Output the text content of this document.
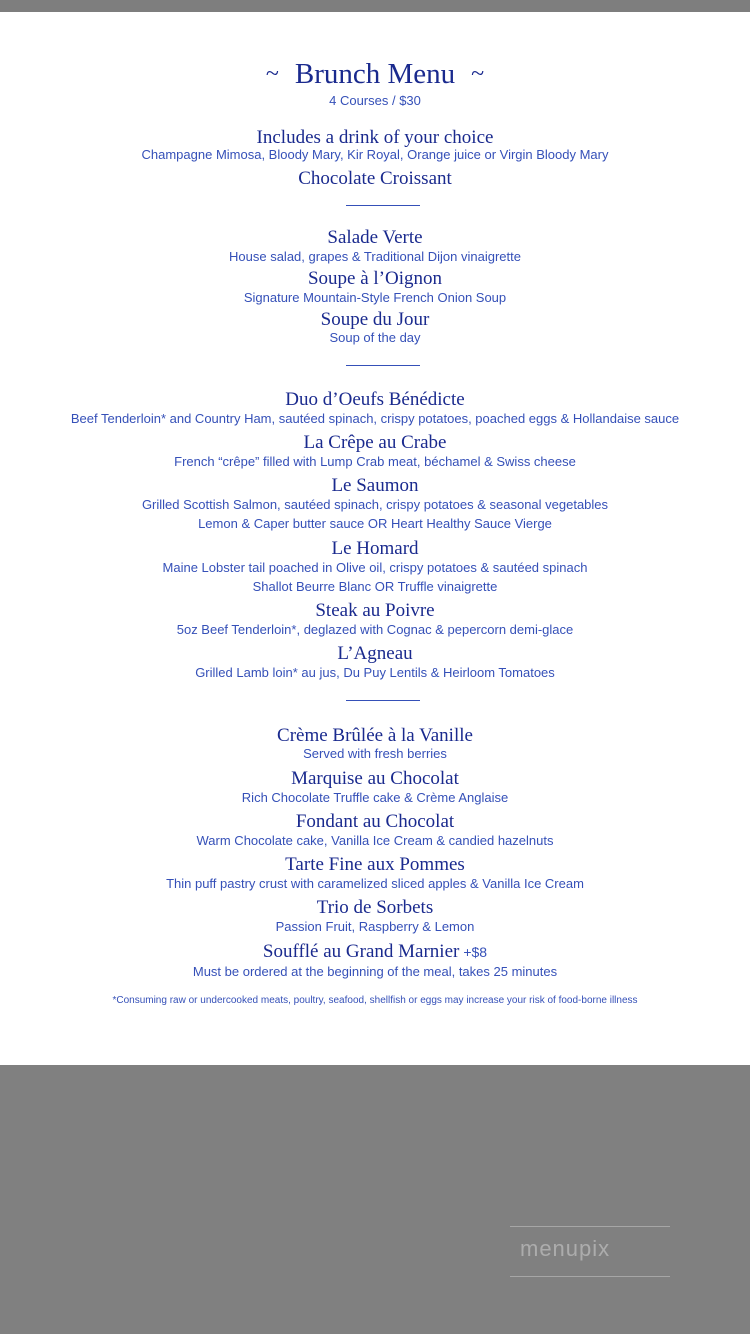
~ Brunch Menu ~
4 Courses / $30
Includes a drink of your choice
Champagne Mimosa, Bloody Mary, Kir Royal, Orange juice or Virgin Bloody Mary
Chocolate Croissant
Salade Verte
House salad, grapes & Traditional Dijon vinaigrette
Soupe à l’Oignon
Signature Mountain-Style French Onion Soup
Soupe du Jour
Soup of the day
Duo d’Oeufs Bénédicte
Beef Tenderloin* and Country Ham, sautéed spinach, crispy potatoes, poached eggs & Hollandaise sauce
La Crêpe au Crabe
French “crêpe” filled with Lump Crab meat, béchamel & Swiss cheese
Le Saumon
Grilled Scottish Salmon, sautéed spinach, crispy potatoes & seasonal vegetables
Lemon & Caper butter sauce OR Heart Healthy Sauce Vierge
Le Homard
Maine Lobster tail poached in Olive oil, crispy potatoes & sautéed spinach
Shallot Beurre Blanc OR Truffle vinaigrette
Steak au Poivre
5oz Beef Tenderloin*, deglazed with Cognac & pepercorn demi-glace
L’Agneau
Grilled Lamb loin* au jus, Du Puy Lentils & Heirloom Tomatoes
Crème Brûlée à la Vanille
Served with fresh berries
Marquise au Chocolat
Rich Chocolate Truffle cake & Crème Anglaise
Fondant au Chocolat
Warm Chocolate cake, Vanilla Ice Cream & candied hazelnuts
Tarte Fine aux Pommes
Thin puff pastry crust with caramelized sliced apples & Vanilla Ice Cream
Trio de Sorbets
Passion Fruit, Raspberry & Lemon
Soufflé au Grand Marnier +$8
Must be ordered at the beginning of the meal, takes 25 minutes
*Consuming raw or undercooked meats, poultry, seafood, shellfish or eggs may increase your risk of food-borne illness
menupix
